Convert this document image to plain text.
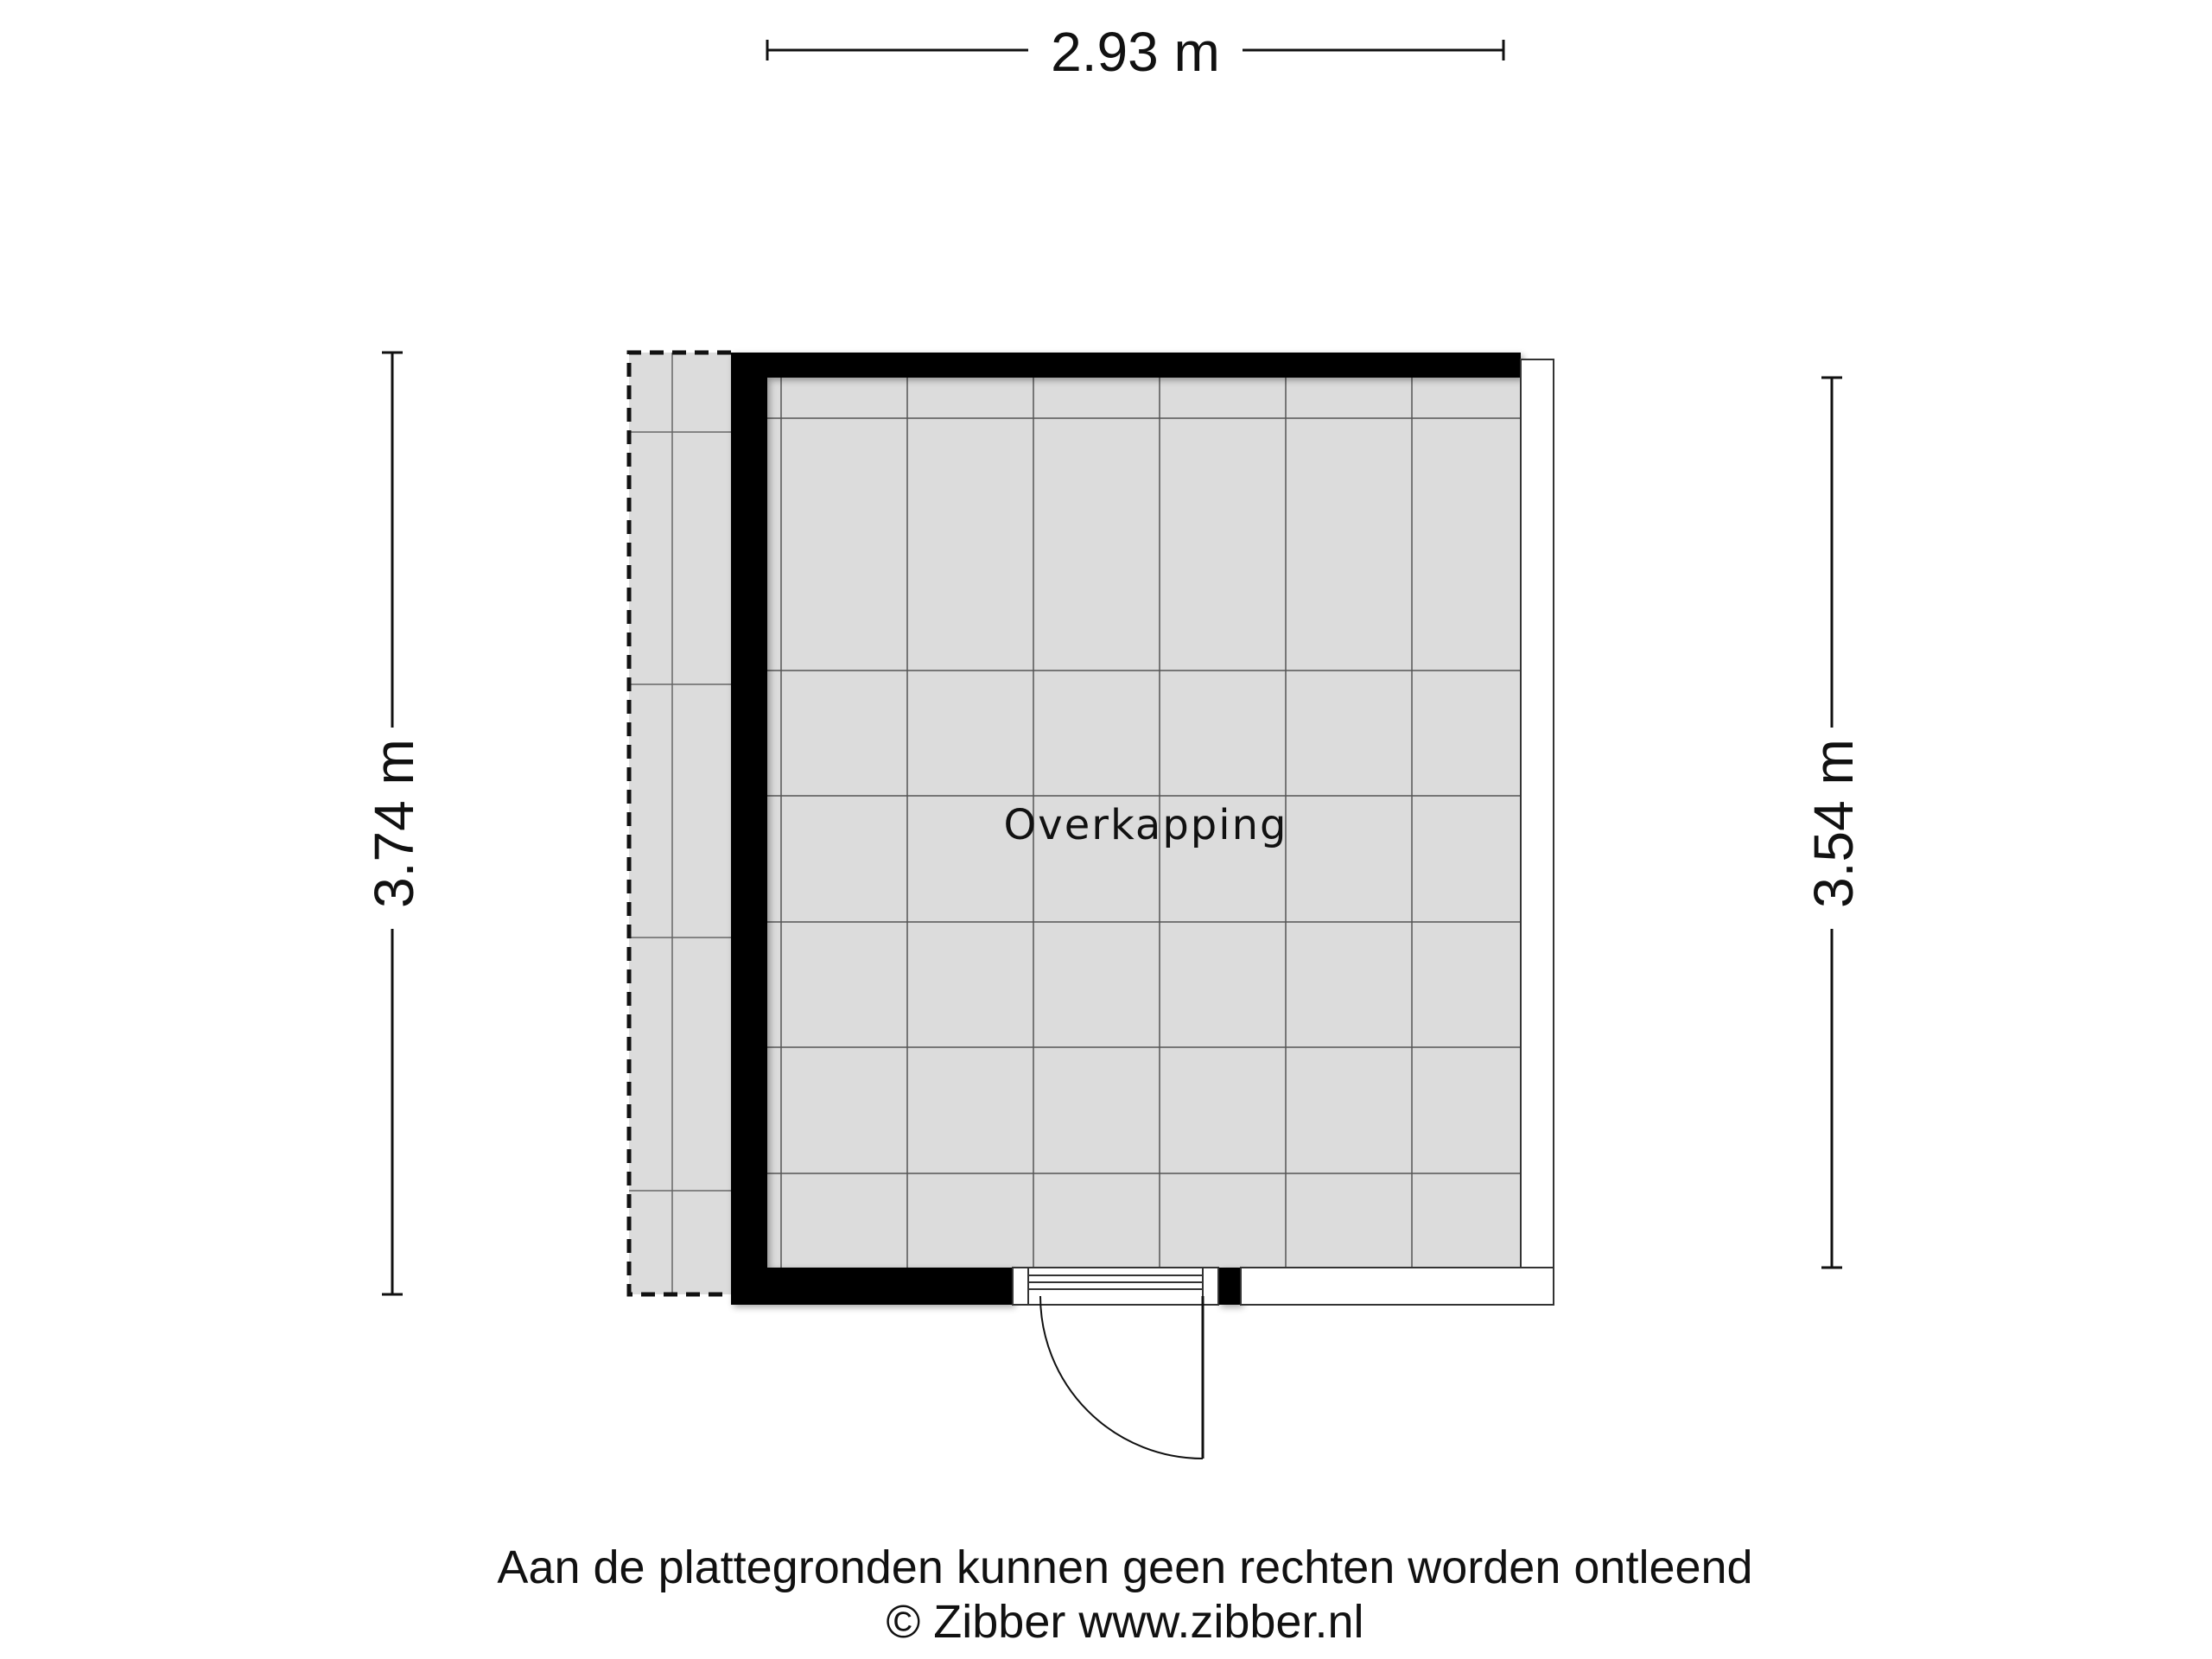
2.93 m
3.74 m	3.54 m
Overkapping
Aan de plattegronden kunnen geen rechten worden ontleend
© Zibber www.zibber.nl
